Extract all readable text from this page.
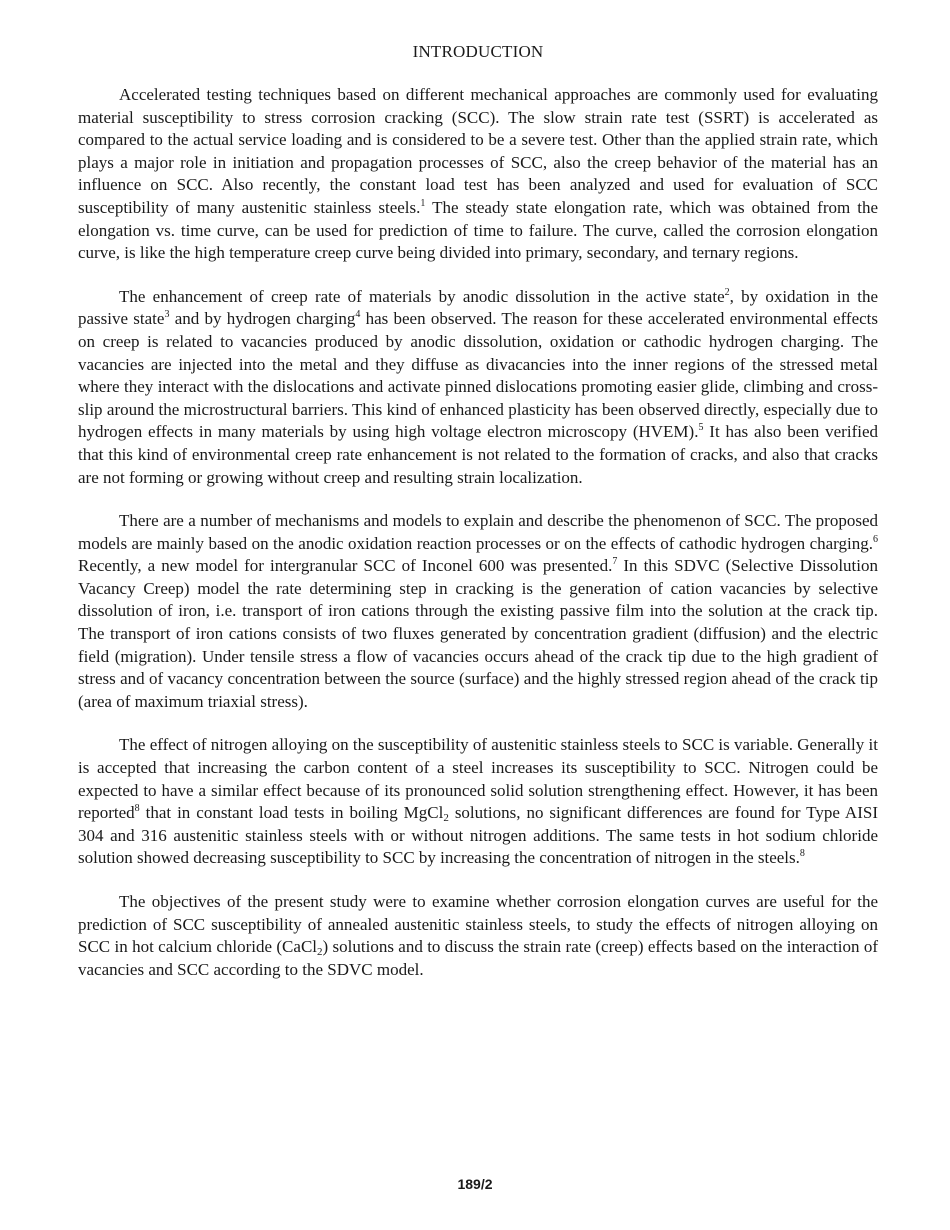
INTRODUCTION

Accelerated testing techniques based on different mechanical approaches are commonly used for evaluating material susceptibility to stress corrosion cracking (SCC). The slow strain rate test (SSRT) is accelerated as compared to the actual service loading and is considered to be a severe test. Other than the applied strain rate, which plays a major role in initiation and propagation processes of SCC, also the creep behavior of the material has an influence on SCC. Also recently, the constant load test has been analyzed and used for evaluation of SCC susceptibility of many austenitic stainless steels.$^1$ The steady state elongation rate, which was obtained from the elongation vs. time curve, can be used for prediction of time to failure. The curve, called the corrosion elongation curve, is like the high temperature creep curve being divided into primary, secondary, and ternary regions.

The enhancement of creep rate of materials by anodic dissolution in the active state$^2$, by oxidation in the passive state$^3$ and by hydrogen charging$^4$ has been observed. The reason for these accelerated environmental effects on creep is related to vacancies produced by anodic dissolution, oxidation or cathodic hydrogen charging. The vacancies are injected into the metal and they diffuse as divacancies into the inner regions of the stressed metal where they interact with the dislocations and activate pinned dislocations promoting easier glide, climbing and cross-slip around the microstructural barriers. This kind of enhanced plasticity has been observed directly, especially due to hydrogen effects in many materials by using high voltage electron microscopy (HVEM).$^5$ It has also been verified that this kind of environmental creep rate enhancement is not related to the formation of cracks, and also that cracks are not forming or growing without creep and resulting strain localization.

There are a number of mechanisms and models to explain and describe the phenomenon of SCC. The proposed models are mainly based on the anodic oxidation reaction processes or on the effects of cathodic hydrogen charging.$^6$ Recently, a new model for intergranular SCC of Inconel 600 was presented.$^7$ In this SDVC (Selective Dissolution Vacancy Creep) model the rate determining step in cracking is the generation of cation vacancies by selective dissolution of iron, i.e. transport of iron cations through the existing passive film into the solution at the crack tip. The transport of iron cations consists of two fluxes generated by concentration gradient (diffusion) and the electric field (migration). Under tensile stress a flow of vacancies occurs ahead of the crack tip due to the high gradient of stress and of vacancy concentration between the source (surface) and the highly stressed region ahead of the crack tip (area of maximum triaxial stress).

The effect of nitrogen alloying on the susceptibility of austenitic stainless steels to SCC is variable. Generally it is accepted that increasing the carbon content of a steel increases its susceptibility to SCC. Nitrogen could be expected to have a similar effect because of its pronounced solid solution strengthening effect. However, it has been reported$^8$ that in constant load tests in boiling MgCl$_2$ solutions, no significant differences are found for Type AISI 304 and 316 austenitic stainless steels with or without nitrogen additions. The same tests in hot sodium chloride solution showed decreasing susceptibility to SCC by increasing the concentration of nitrogen in the steels.$^8$

The objectives of the present study were to examine whether corrosion elongation curves are useful for the prediction of SCC susceptibility of annealed austenitic stainless steels, to study the effects of nitrogen alloying on SCC in hot calcium chloride (CaCl$_2$) solutions and to discuss the strain rate (creep) effects based on the interaction of vacancies and SCC according to the SDVC model.

189/2
